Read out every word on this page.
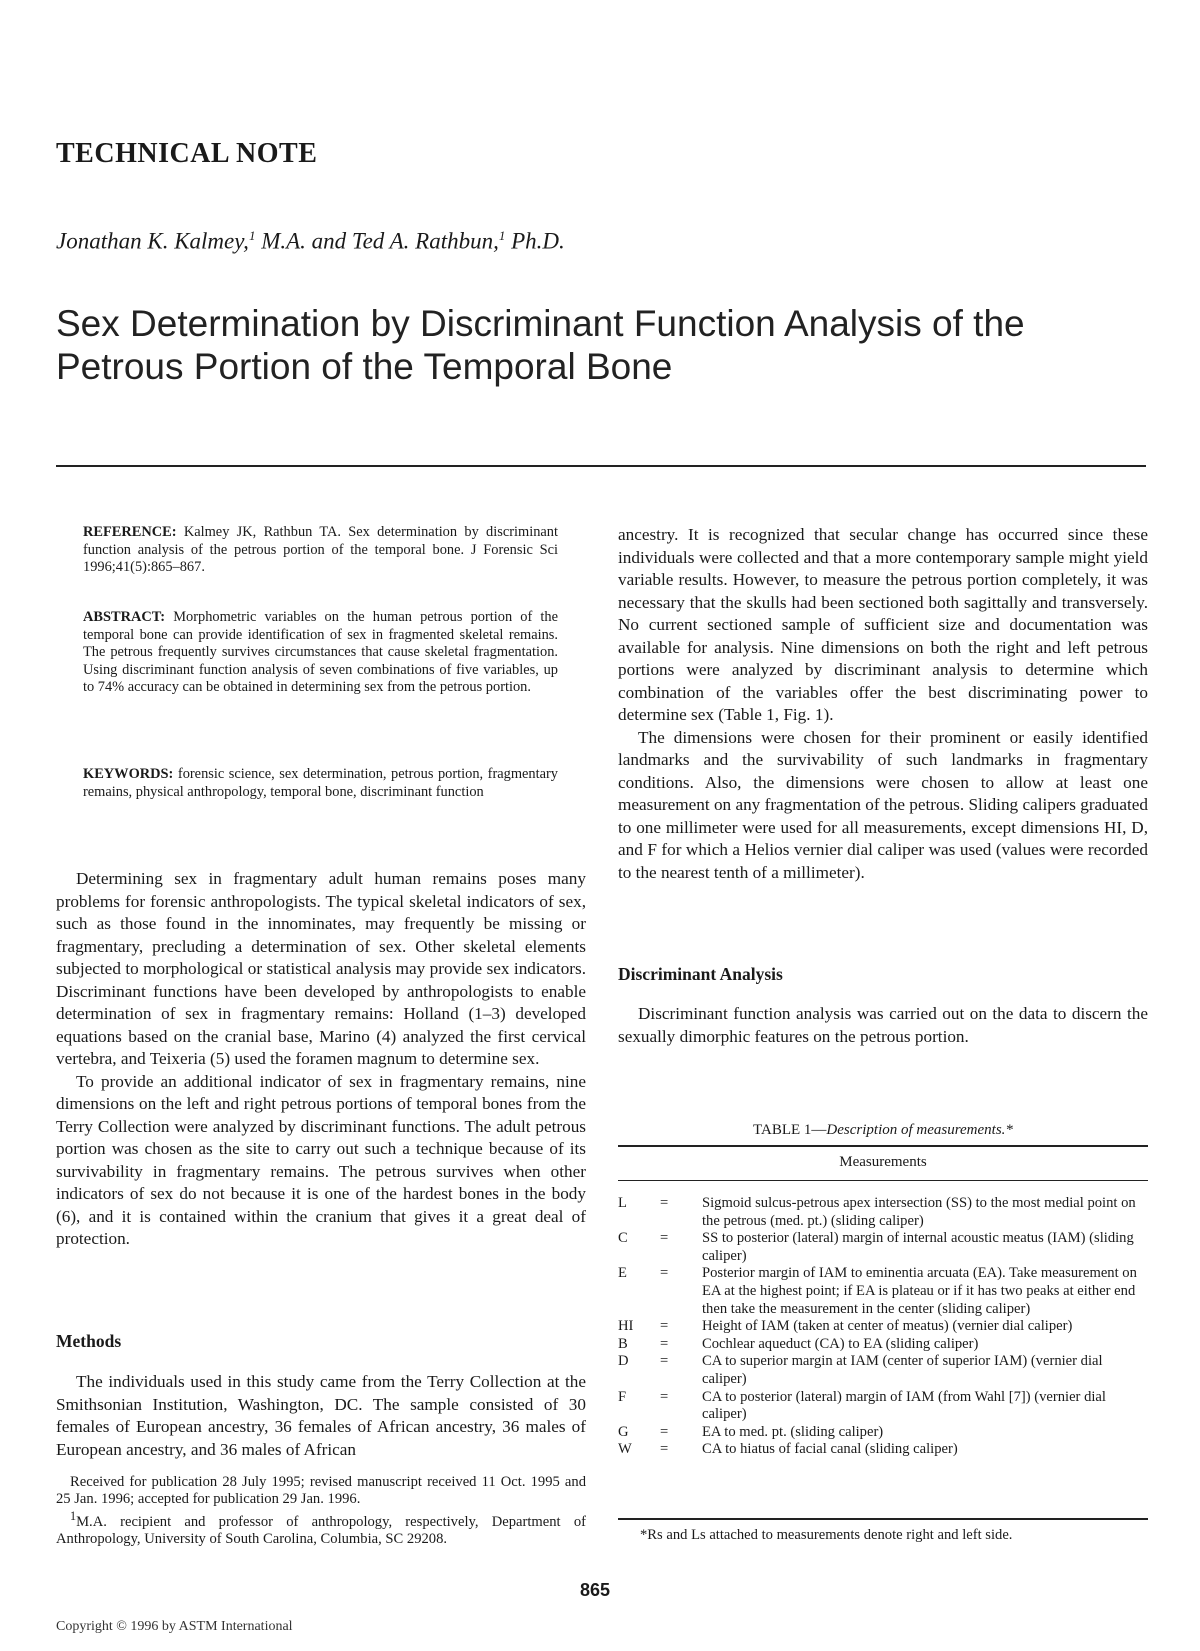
TECHNICAL NOTE
Jonathan K. Kalmey,$^1$ M.A. and Ted A. Rathbun,$^1$ Ph.D.
Sex Determination by Discriminant Function Analysis of the Petrous Portion of the Temporal Bone
REFERENCE: Kalmey JK, Rathbun TA. Sex determination by discriminant function analysis of the petrous portion of the temporal bone. J Forensic Sci 1996;41(5):865–867.
ABSTRACT: Morphometric variables on the human petrous portion of the temporal bone can provide identification of sex in fragmented skeletal remains. The petrous frequently survives circumstances that cause skeletal fragmentation. Using discriminant function analysis of seven combinations of five variables, up to 74% accuracy can be obtained in determining sex from the petrous portion.
KEYWORDS: forensic science, sex determination, petrous portion, fragmentary remains, physical anthropology, temporal bone, discriminant function

Determining sex in fragmentary adult human remains poses many problems for forensic anthropologists. The typical skeletal indicators of sex, such as those found in the innominates, may frequently be missing or fragmentary, precluding a determination of sex. Other skeletal elements subjected to morphological or statistical analysis may provide sex indicators. Discriminant functions have been developed by anthropologists to enable determination of sex in fragmentary remains: Holland (1–3) developed equations based on the cranial base, Marino (4) analyzed the first cervical vertebra, and Teixeria (5) used the foramen magnum to determine sex.

To provide an additional indicator of sex in fragmentary remains, nine dimensions on the left and right petrous portions of temporal bones from the Terry Collection were analyzed by discriminant functions. The adult petrous portion was chosen as the site to carry out such a technique because of its survivability in fragmentary remains. The petrous survives when other indicators of sex do not because it is one of the hardest bones in the body (6), and it is contained within the cranium that gives it a great deal of protection.

Methods

The individuals used in this study came from the Terry Collection at the Smithsonian Institution, Washington, DC. The sample consisted of 30 females of European ancestry, 36 females of African ancestry, 36 males of European ancestry, and 36 males of African

Received for publication 28 July 1995; revised manuscript received 11 Oct. 1995 and 25 Jan. 1996; accepted for publication 29 Jan. 1996.

$^1$M.A. recipient and professor of anthropology, respectively, Department of Anthropology, University of South Carolina, Columbia, SC 29208.

ancestry. It is recognized that secular change has occurred since these individuals were collected and that a more contemporary sample might yield variable results. However, to measure the petrous portion completely, it was necessary that the skulls had been sectioned both sagittally and transversely. No current sectioned sample of sufficient size and documentation was available for analysis. Nine dimensions on both the right and left petrous portions were analyzed by discriminant analysis to determine which combination of the variables offer the best discriminating power to determine sex (Table 1, Fig. 1).

The dimensions were chosen for their prominent or easily identified landmarks and the survivability of such landmarks in fragmentary conditions. Also, the dimensions were chosen to allow at least one measurement on any fragmentation of the petrous. Sliding calipers graduated to one millimeter were used for all measurements, except dimensions HI, D, and F for which a Helios vernier dial caliper was used (values were recorded to the nearest tenth of a millimeter).

Discriminant Analysis

Discriminant function analysis was carried out on the data to discern the sexually dimorphic features on the petrous portion.

TABLE 1—Description of measurements.*
Measurements
L	=	Sigmoid sulcus-petrous apex intersection (SS) to the most medial point on the petrous (med. pt.) (sliding caliper)
C	=	SS to posterior (lateral) margin of internal acoustic meatus (IAM) (sliding caliper)
E	=	Posterior margin of IAM to eminentia arcuata (EA). Take measurement on EA at the highest point; if EA is plateau or if it has two peaks at either end then take the measurement in the center (sliding caliper)
HI	=	Height of IAM (taken at center of meatus) (vernier dial caliper)
B	=	Cochlear aqueduct (CA) to EA (sliding caliper)
D	=	CA to superior margin at IAM (center of superior IAM) (vernier dial caliper)
F	=	CA to posterior (lateral) margin of IAM (from Wahl [7]) (vernier dial caliper)
G	=	EA to med. pt. (sliding caliper)
W	=	CA to hiatus of facial canal (sliding caliper)
*Rs and Ls attached to measurements denote right and left side.
865
Copyright © 1996 by ASTM International
